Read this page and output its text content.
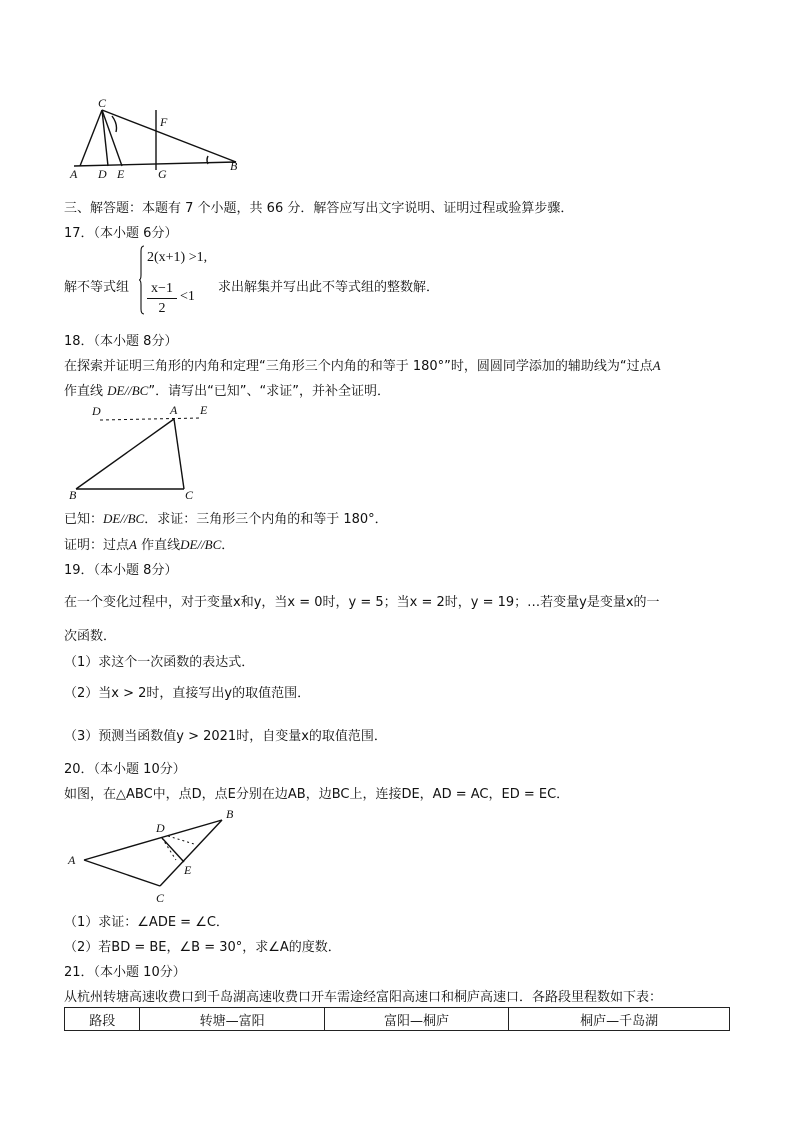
C
F
A D E	G
B
三、解答题：本题有 7 个小题，共 66 分．解答应写出文字说明、证明过程或验算步骤．
17．（本小题 6分）
解不等式组
2(x+1) >1,
x−1
2
<1
求出解集并写出此不等式组的整数解．
18．（本小题 8分）
在探索并证明三角形的内角和定理“三角形三个内角的和等于 180°”时，圆圆同学添加的辅助线为“过点A
作直线 DE//BC”．请写出“已知”、“求证”，并补全证明．
D	A E
B	C
已知：DE//BC．求证：三角形三个内角的和等于 180°．
证明：过点A 作直线DE//BC．
19．（本小题 8分）
在一个变化过程中，对于变量x和y，当x = 0时，y = 5；当x = 2时，y = 19；…若变量y是变量x的一
次函数．
（1）求这个一次函数的表达式．
（2）当x > 2时，直接写出y的取值范围．
（3）预测当函数值y > 2021时，自变量x的取值范围．
20．（本小题 10分）
如图，在△ABC中，点D，点E分别在边AB，边BC上，连接DE，AD = AC，ED = EC．
A
B
C
D
E
（1）求证：∠ADE = ∠C．
（2）若BD = BE，∠B = 30°，求∠A的度数．
21．（本小题 10分）
从杭州转塘高速收费口到千岛湖高速收费口开车需途经富阳高速口和桐庐高速口．各路段里程数如下表：
路段	转塘—富阳	富阳—桐庐	桐庐—千岛湖
